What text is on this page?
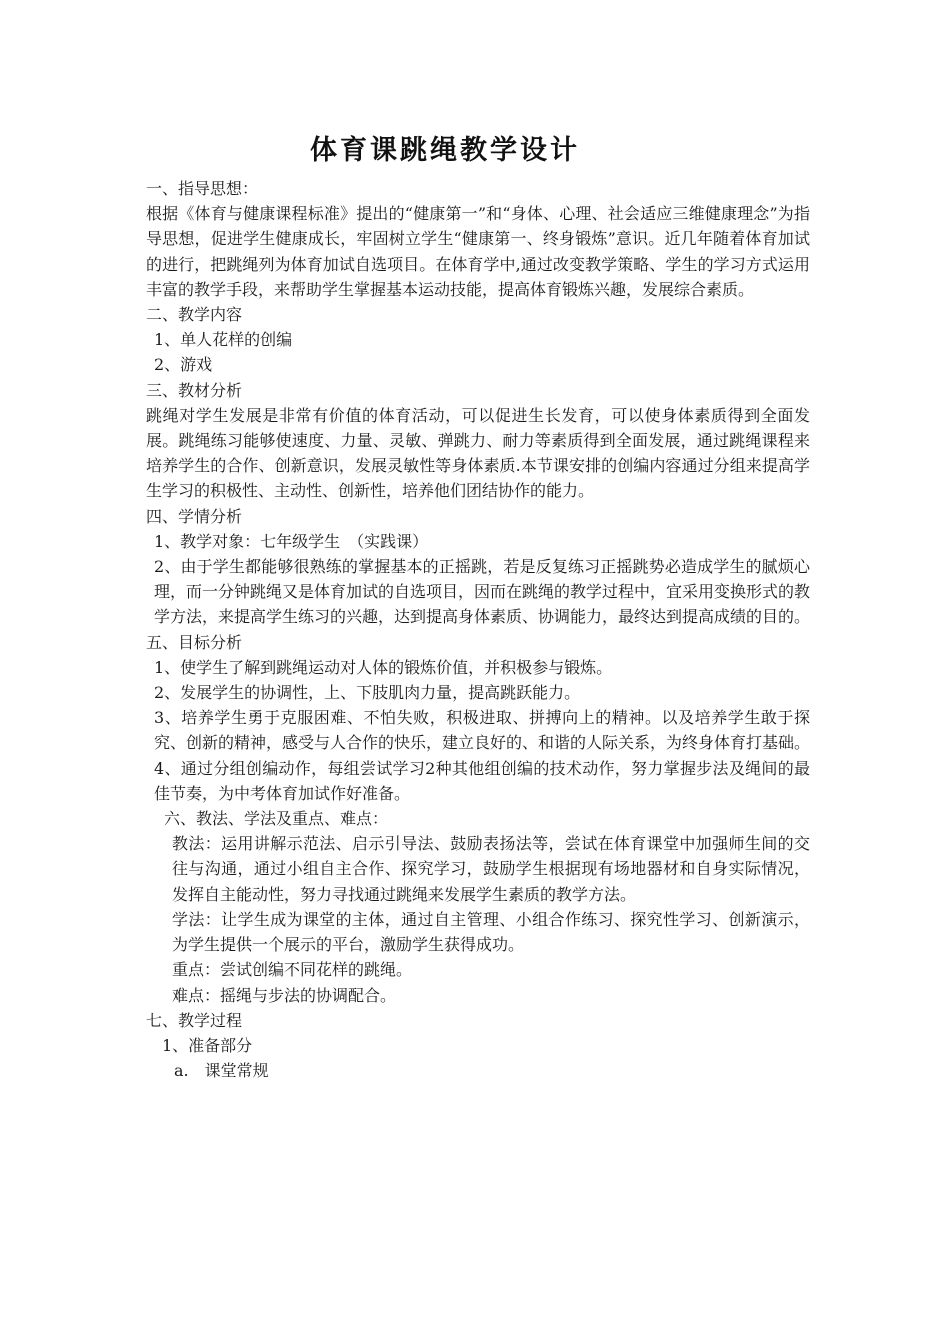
体育课跳绳教学设计

一、指导思想：

根据《体育与健康课程标准》提出的“健康第一”和“身体、心理、社会适应三维健康理念”为指导思想，促进学生健康成长，牢固树立学生“健康第一、终身锻炼”意识。近几年随着体育加试的进行，把跳绳列为体育加试自选项目。在体育学中,通过改变教学策略、学生的学习方式运用丰富的教学手段，来帮助学生掌握基本运动技能，提高体育锻炼兴趣，发展综合素质。

二、教学内容

1、单人花样的创编

2、游戏

三、教材分析

跳绳对学生发展是非常有价值的体育活动，可以促进生长发育，可以使身体素质得到全面发展。跳绳练习能够使速度、力量、灵敏、弹跳力、耐力等素质得到全面发展，通过跳绳课程来培养学生的合作、创新意识，发展灵敏性等身体素质.本节课安排的创编内容通过分组来提高学生学习的积极性、主动性、创新性，培养他们团结协作的能力。

四、学情分析

1、教学对象：七年级学生　（实践课）

2、由于学生都能够很熟练的掌握基本的正摇跳，若是反复练习正摇跳势必造成学生的腻烦心理，而一分钟跳绳又是体育加试的自选项目，因而在跳绳的教学过程中，宜采用变换形式的教学方法，来提高学生练习的兴趣，达到提高身体素质、协调能力，最终达到提高成绩的目的。

五、目标分析

1、使学生了解到跳绳运动对人体的锻炼价值，并积极参与锻炼。

2、发展学生的协调性，上、下肢肌肉力量，提高跳跃能力。

3、培养学生勇于克服困难、不怕失败，积极进取、拼搏向上的精神。以及培养学生敢于探究、创新的精神，感受与人合作的快乐，建立良好的、和谐的人际关系，为终身体育打基础。

4、通过分组创编动作，每组尝试学习2种其他组创编的技术动作，努力掌握步法及绳间的最佳节奏，为中考体育加试作好准备。

六、教法、学法及重点、难点：

教法：运用讲解示范法、启示引导法、鼓励表扬法等，尝试在体育课堂中加强师生间的交往与沟通，通过小组自主合作、探究学习，鼓励学生根据现有场地器材和自身实际情况，发挥自主能动性，努力寻找通过跳绳来发展学生素质的教学方法。

学法：让学生成为课堂的主体，通过自主管理、小组合作练习、探究性学习、创新演示，为学生提供一个展示的平台，激励学生获得成功。

重点：尝试创编不同花样的跳绳。

难点：摇绳与步法的协调配合。

七、教学过程

1、准备部分

a.　课堂常规
